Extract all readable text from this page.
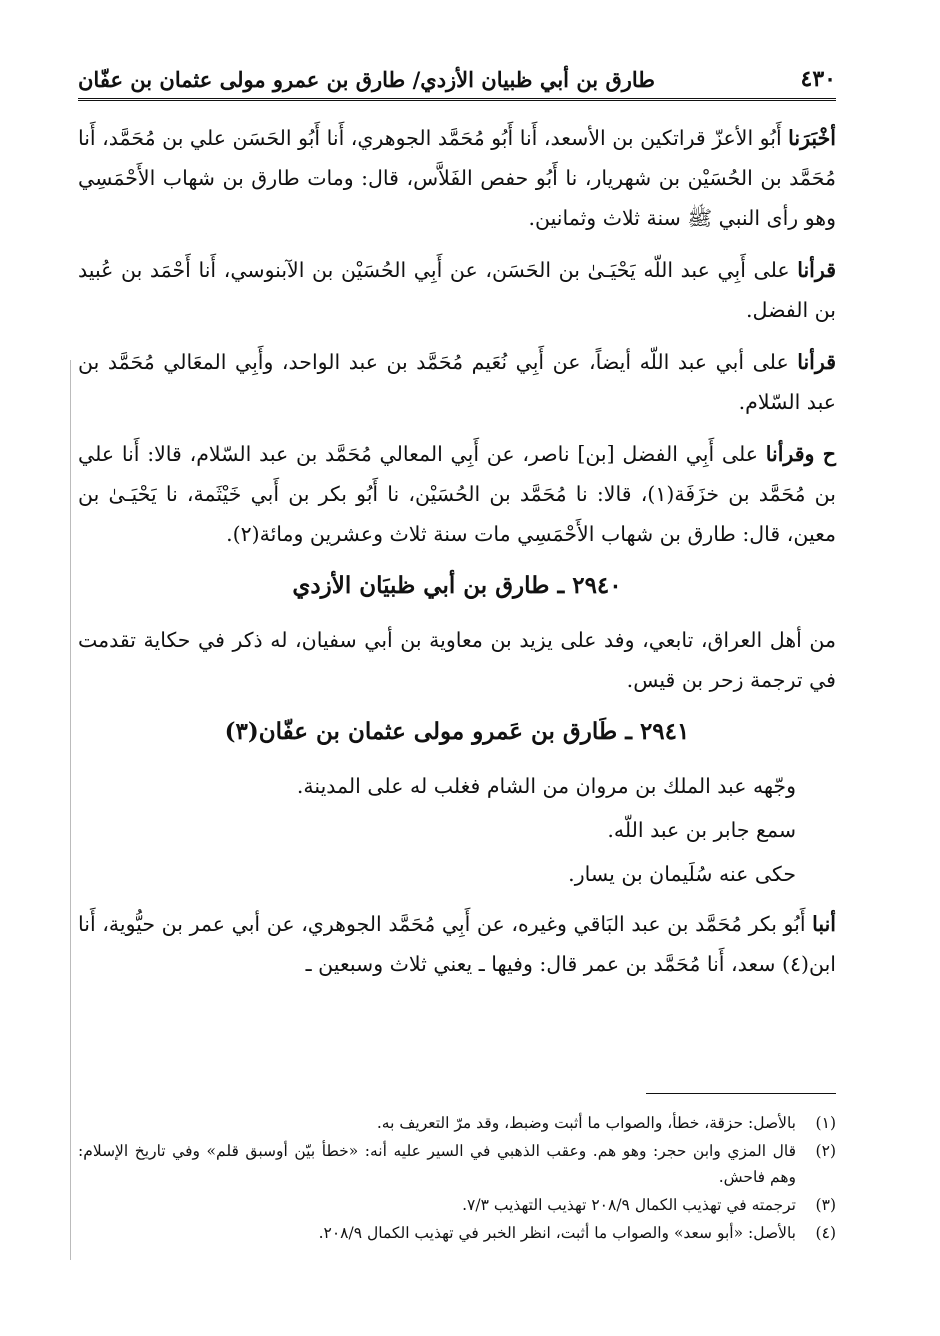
٤٣٠
طارق بن أبي ظبيان الأزدي/ طارق بن عمرو مولى عثمان بن عفّان

أخْبَرَنا أَبُو الأعزّ قراتكين بن الأسعد، أَنا أَبُو مُحَمَّد الجوهري، أَنا أَبُو الحَسَن علي بن مُحَمَّد، أَنا مُحَمَّد بن الحُسَيْن بن شهريار، نا أَبُو حفص الفَلاَّس، قال: ومات طارق بن شهاب الأَحْمَسِي وهو رأى النبي ﷺ سنة ثلاث وثمانين.

قرأنا على أَبِي عبد اللّه يَحْيَـىٰ بن الحَسَن، عن أَبِي الحُسَيْن بن الآبنوسي، أَنا أَحْمَد بن عُبيد بن الفضل.

قرأنا على أبي عبد اللّه أيضاً، عن أَبِي نُعَيم مُحَمَّد بن عبد الواحد، وأَبِي المعَالي مُحَمَّد بن عبد السّلام.

ح وقرأنا على أَبِي الفضل [بن] ناصر، عن أَبِي المعالي مُحَمَّد بن عبد السّلام، قالا: أَنا علي بن مُحَمَّد بن خزَفَة(١)، قالا: نا مُحَمَّد بن الحُسَيْن، نا أَبُو بكر بن أَبي خَيْثَمة، نا يَحْيَـىٰ بن معين، قال: طارق بن شهاب الأَحْمَسِي مات سنة ثلاث وعشرين ومائة(٢).

٢٩٤٠ ـ طارق بن أبي ظبيَان الأزدي

من أهل العراق، تابعي، وفد على يزيد بن معاوية بن أبي سفيان، له ذكر في حكاية تقدمت في ترجمة زحر بن قيس.

٢٩٤١ ـ طَارق بن عَمرو مولى عثمان بن عفّان(٣)

وجّهه عبد الملك بن مروان من الشام فغلب له على المدينة.

سمع جابر بن عبد اللّه.

حكى عنه سُلَيمان بن يسار.

أنبا أَبُو بكر مُحَمَّد بن عبد البَاقي وغيره، عن أَبِي مُحَمَّد الجوهري، عن أبي عمر بن حيُّوية، أَنا ابن(٤) سعد، أَنا مُحَمَّد بن عمر قال: وفيها ـ يعني ثلاث وسبعين ـ

(١)
بالأصل: حزقة، خطأ، والصواب ما أثبت وضبط، وقد مرّ التعريف به.
(٢)
قال المزي وابن حجر: وهو هم. وعقب الذهبي في السير عليه أنه: «خطأ بيّن أوسبق قلم» وفي تاريخ الإسلام: وهم فاحش.
(٣)
ترجمته في تهذيب الكمال ٢٠٨/٩ تهذيب التهذيب ٧/٣.
(٤)
بالأصل: «أبو سعد» والصواب ما أثبت، انظر الخبر في تهذيب الكمال ٢٠٨/٩.
